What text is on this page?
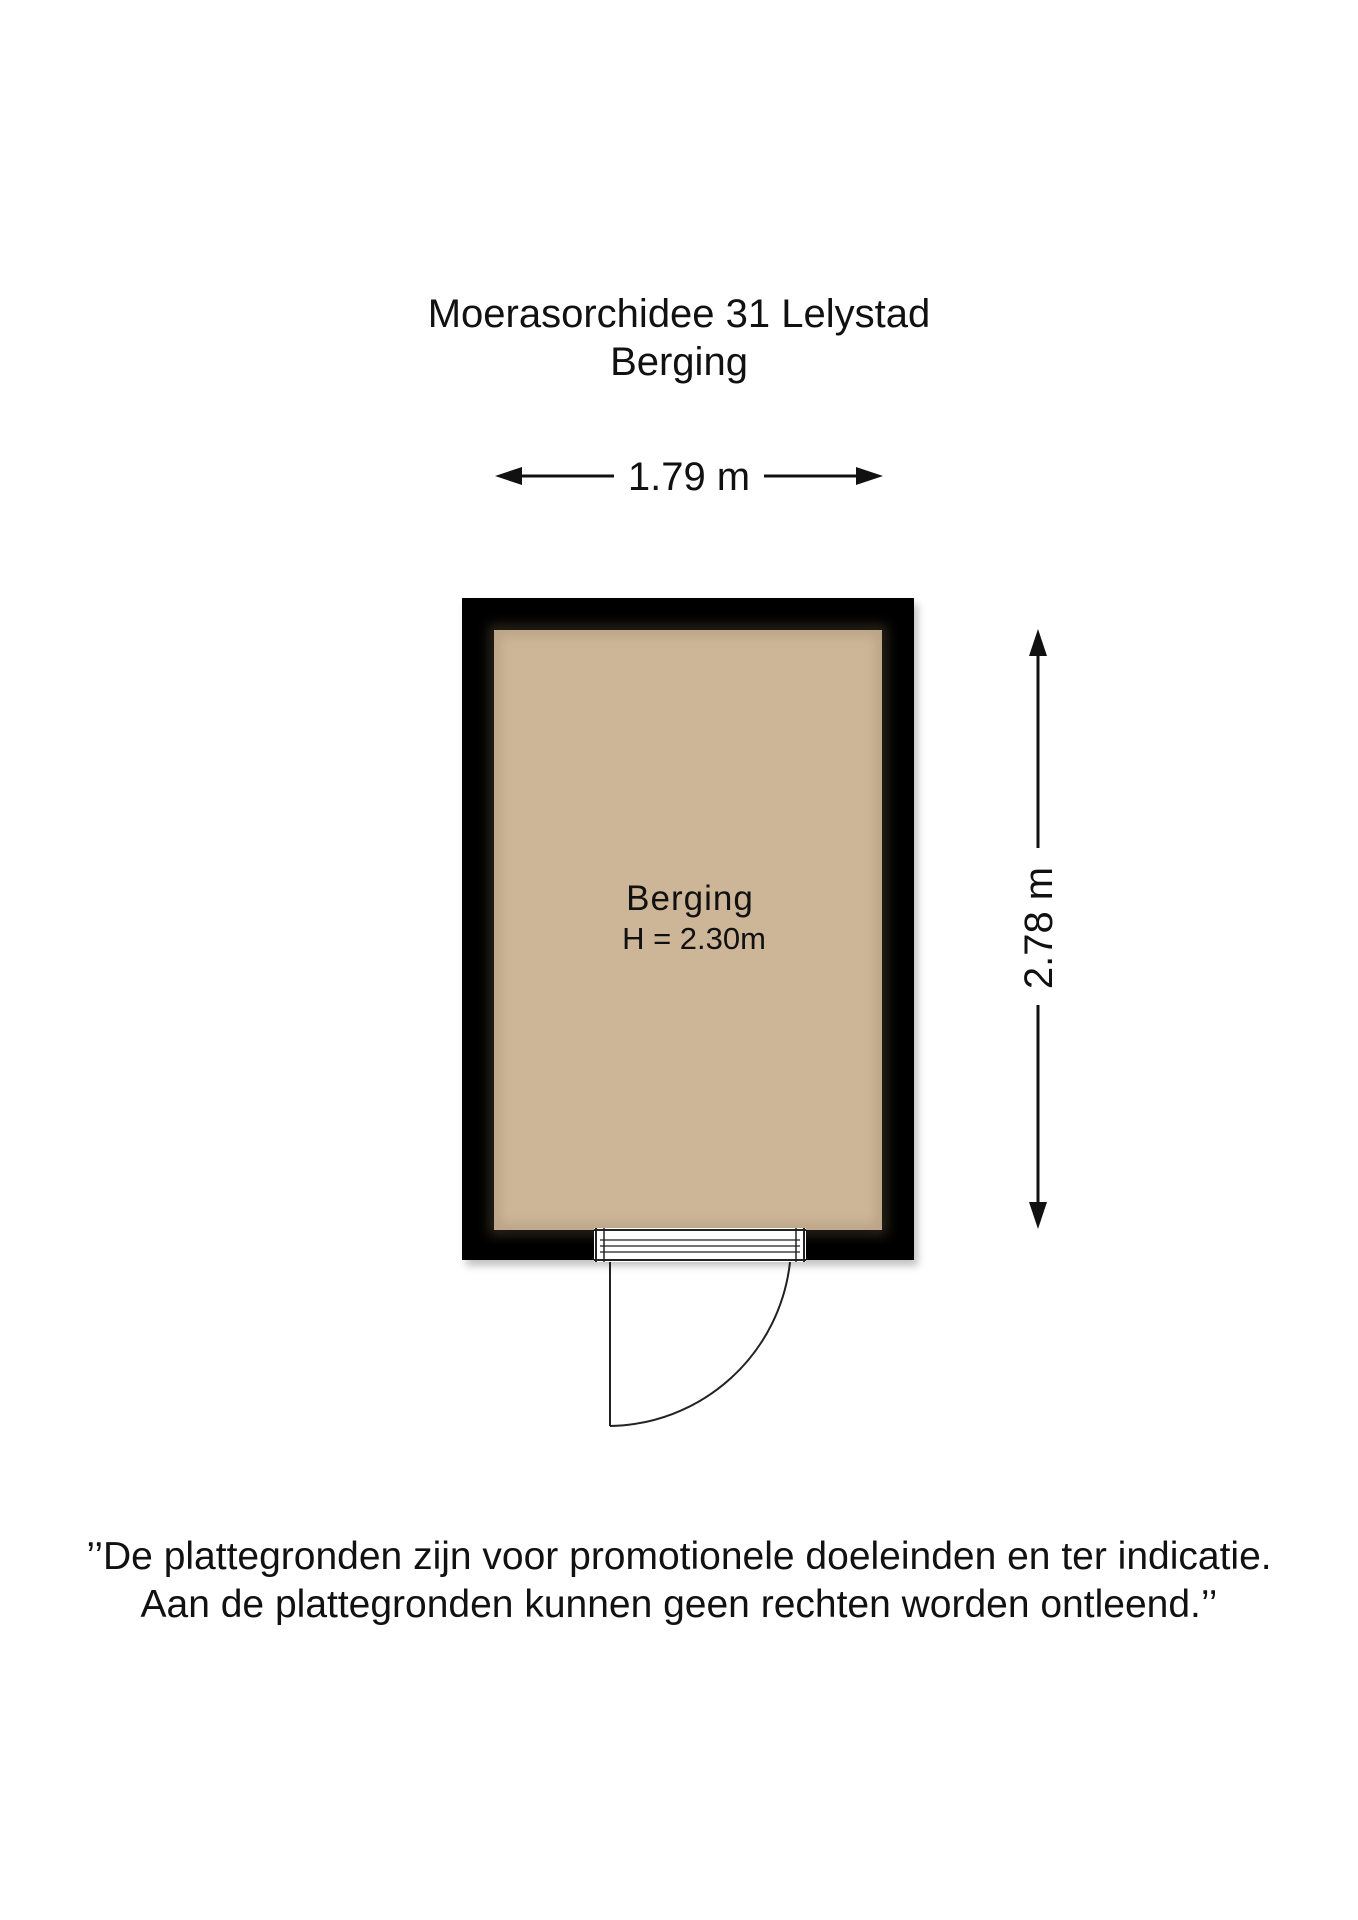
Moerasorchidee 31 Lelystad
Berging
1.79 m
2.78 m
Berging
H = 2.30m
’’De plattegronden zijn voor promotionele doeleinden en ter indicatie.
Aan de plattegronden kunnen geen rechten worden ontleend.’’
